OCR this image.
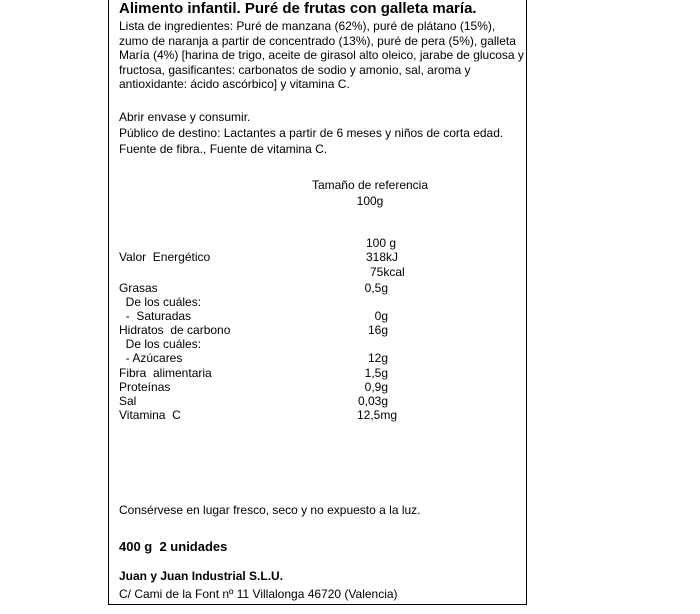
Alimento infantil. Puré de frutas con galleta maría.
Lista de ingredientes: Puré de manzana (62%), puré de plátano (15%), zumo de naranja a partir de concentrado (13%), puré de pera (5%), galleta María (4%) [harina de trigo, aceite de girasol alto oleico, jarabe de glucosa y fructosa, gasificantes: carbonatos de sodio y amonio, sal, aroma y antioxidante: ácido ascórbico] y vitamina C.
Abrir envase y consumir.
Público de destino: Lactantes a partir de 6 meses y niños de corta edad.
Fuente de fibra., Fuente de vitamina C.
Tamaño de referencia
100g
100 g
Valor  Energético	318kJ
75kcal
Grasas	0,5g
De los cuáles:
-  Saturadas	0g
Hidratos  de carbono	16g
De los cuáles:
- Azúcares	12g
Fibra  alimentaria	1,5g
Proteínas	0,9g
Sal	0,03g
Vitamina  C	12,5mg
Consérvese en lugar fresco, seco y no expuesto a la luz.
400 g  2 unidades
Juan y Juan Industrial S.L.U.
C/ Cami de la Font nº 11 Villalonga 46720 (Valencia)
